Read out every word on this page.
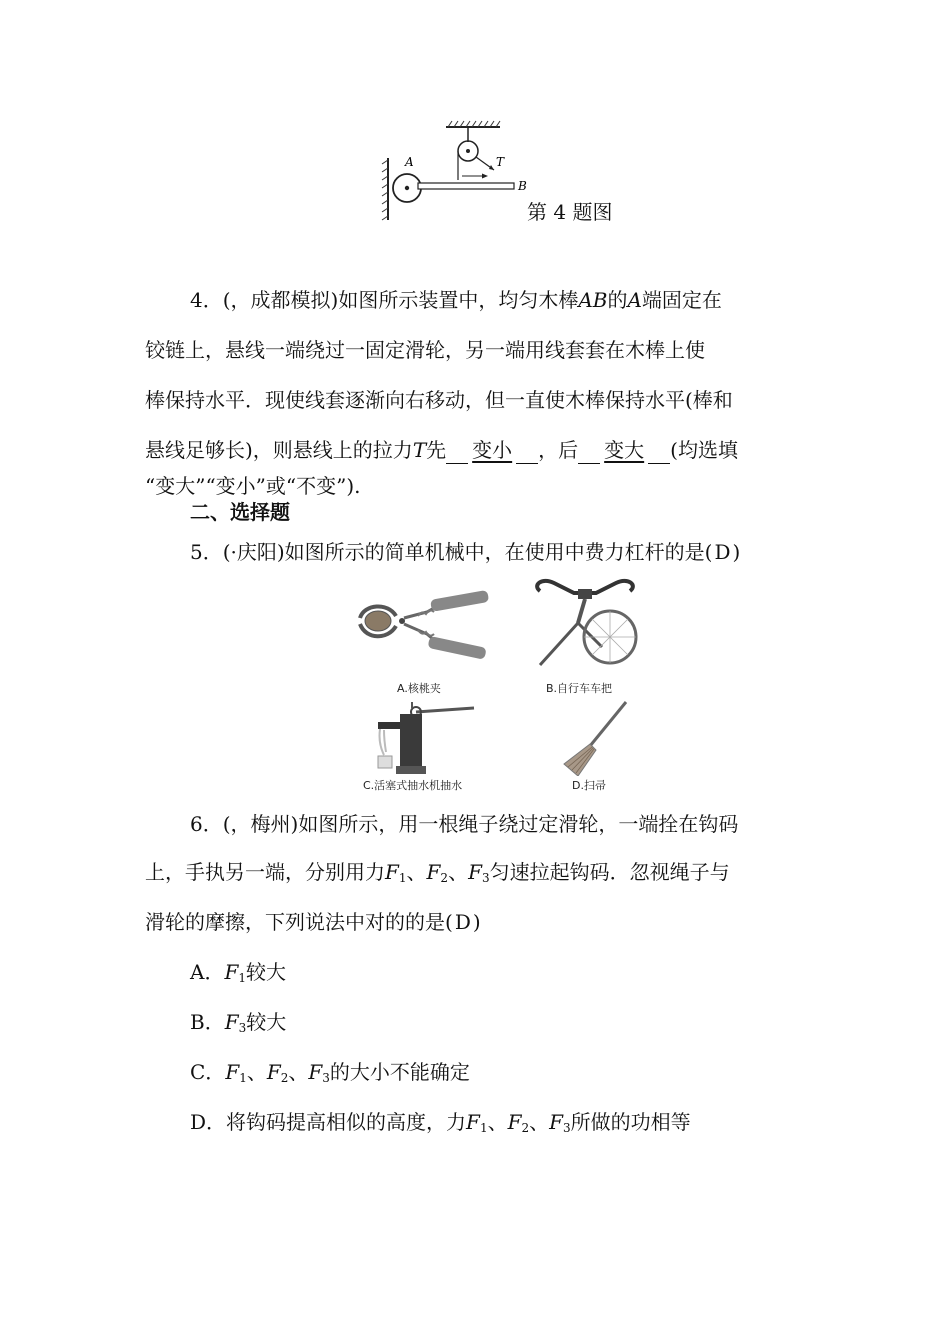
A
B
T
第 4 题图
4．(，成都模拟)如图所示装置中，均匀木棒AB的A端固定在
铰链上，悬线一端绕过一固定滑轮，另一端用线套套在木棒上使
棒保持水平．现使线套逐渐向右移动，但一直使木棒保持水平(棒和
悬线足够长)，则悬线上的拉力T先 变小 ，后 变大 (均选填
“变大”“变小”或“不变”).
二、选择题
5．(·庆阳)如图所示的简单机械中，在使用中费力杠杆的是( D )
A.核桃夹	B.自行车车把
C.活塞式抽水机抽水	D.扫帚
6．(，梅州)如图所示，用一根绳子绕过定滑轮，一端拴在钩码
上，手执另一端，分别用力$F_1$、$F_2$、$F_3$匀速拉起钩码．忽视绳子与
滑轮的摩擦，下列说法中对的的是( D )
A．$F_1$较大
B．$F_3$较大
C．$F_1$、$F_2$、$F_3$的大小不能确定
D．将钩码提高相似的高度，力$F_1$、$F_2$、$F_3$所做的功相等
